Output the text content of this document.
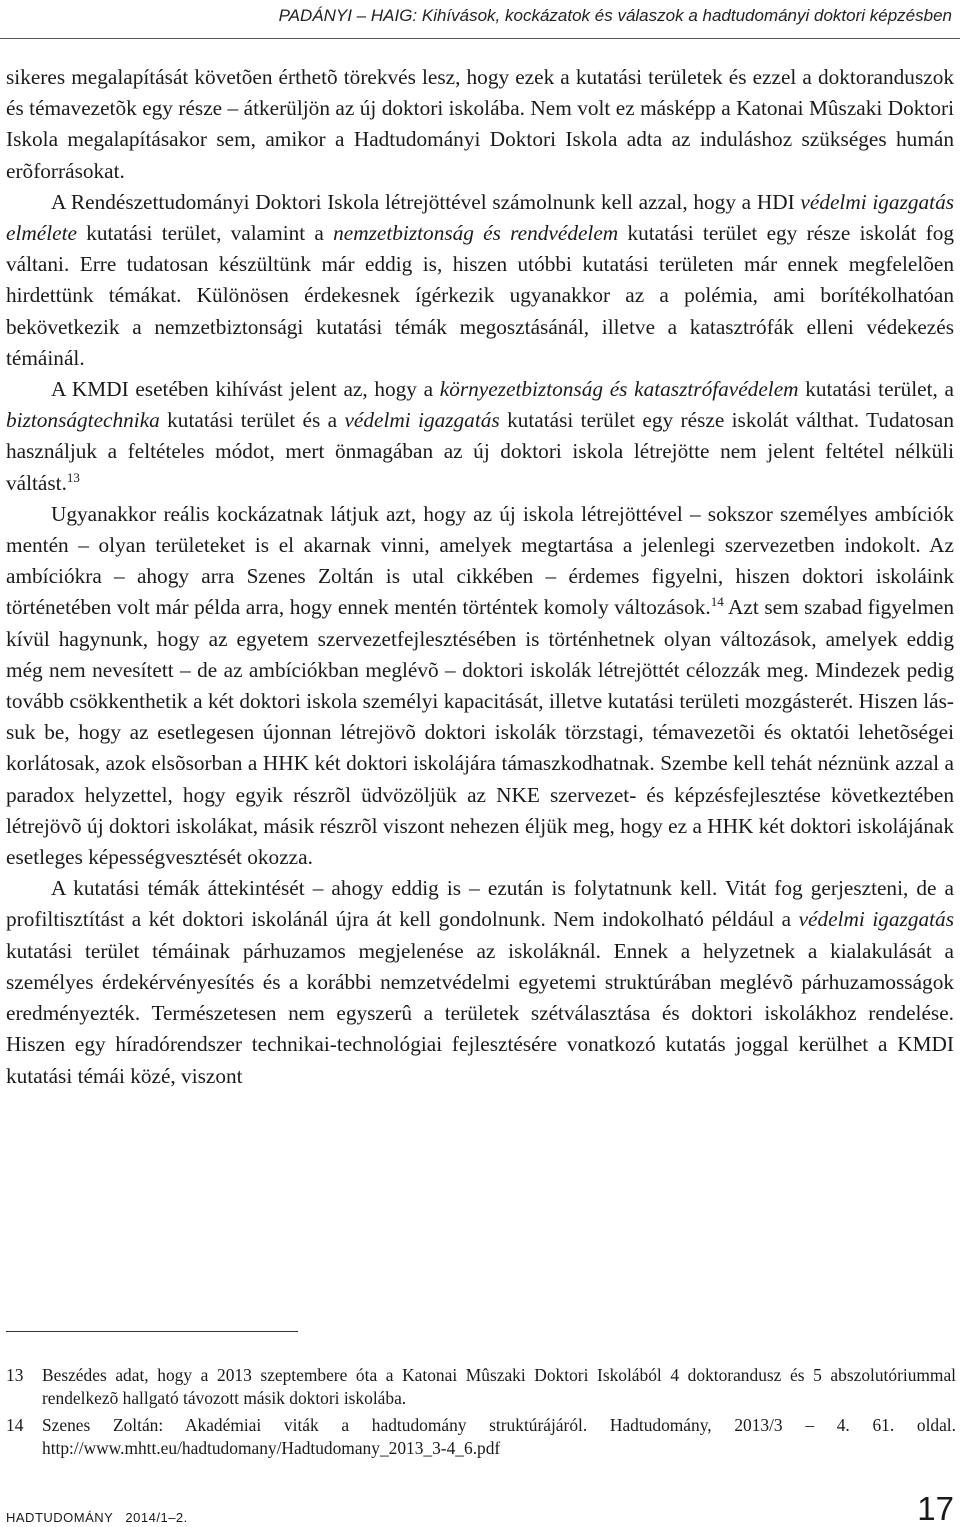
PADÁNYI – HAIG: Kihívások, kockázatok és válaszok a hadtudományi doktori képzésben

sikeres megalapítását követõen érthetõ törekvés lesz, hogy ezek a kutatási területek és ezzel a doktoranduszok és témavezetõk egy része – átkerüljön az új doktori iskolába. Nem volt ez másképp a Katonai Mûszaki Doktori Iskola megalapításakor sem, amikor a Hadtudományi Doktori Iskola adta az induláshoz szükséges humán erõforrásokat.

A Rendészettudományi Doktori Iskola létrejöttével számolnunk kell azzal, hogy a HDI védelmi igazgatás elmélete kutatási terület, valamint a nemzetbiztonság és rendvédelem kutatási terület egy része iskolát fog váltani. Erre tudatosan készültünk már eddig is, hiszen utóbbi kutatási területen már ennek megfelelõen hirdettünk témákat. Különösen érdekesnek ígérkezik ugyanakkor az a polémia, ami borítékolhatóan bekövetkezik a nemzetbiztonsági kutatási témák megosztásánál, illetve a katasztrófák elleni védekezés témáinál.

A KMDI esetében kihívást jelent az, hogy a környezetbiztonság és katasztrófavédelem kutatási terület, a biztonságtechnika kutatási terület és a védelmi igazgatás kutatási terület egy része iskolát válthat. Tudatosan használjuk a feltételes módot, mert önmagában az új doktori iskola létrejötte nem jelent feltétel nélküli váltást.$^{13}$

Ugyanakkor reális kockázatnak látjuk azt, hogy az új iskola létrejöttével – sokszor személyes ambíciók mentén – olyan területeket is el akarnak vinni, amelyek megtartása a jelenlegi szervezetben indokolt. Az ambíciókra – ahogy arra Szenes Zoltán is utal cikkében – érdemes figyelni, hiszen doktori iskoláink történetében volt már példa arra, hogy ennek mentén történtek komoly változások.$^{14}$ Azt sem szabad figyelmen kívül hagynunk, hogy az egyetem szervezetfejlesztésében is történhetnek olyan változások, amelyek eddig még nem nevesített – de az ambíciókban meglévõ – doktori iskolák létrejöttét célozzák meg. Mindezek pedig tovább csökkenthetik a két doktori iskola személyi kapacitását, illetve kutatási területi mozgásterét. Hiszen lássuk be, hogy az esetlegesen újonnan létrejövõ doktori iskolák törzstagi, témavezetõi és oktatói lehetõségei korlátosak, azok elsõsorban a HHK két doktori iskolájára támaszkodhatnak. Szembe kell tehát néznünk azzal a paradox helyzettel, hogy egyik részrõl üdvözöljük az NKE szervezet- és képzésfejlesztése következtében létrejövõ új doktori iskolákat, másik részrõl viszont nehezen éljük meg, hogy ez a HHK két doktori iskolájának esetleges képességvesztését okozza.

A kutatási témák áttekintését – ahogy eddig is – ezután is folytatnunk kell. Vitát fog gerjeszteni, de a profiltisztítást a két doktori iskolánál újra át kell gondolnunk. Nem indokolható például a védelmi igazgatás kutatási terület témáinak párhuzamos megjelenése az iskoláknál. Ennek a helyzetnek a kialakulását a személyes érdekérvényesítés és a korábbi nemzetvédelmi egyetemi struktúrában meglévõ párhuzamosságok eredményezték. Természetesen nem egyszerû a területek szétválasztása és doktori iskolákhoz rendelése. Hiszen egy híradórendszer technikai-technológiai fejlesztésére vonatkozó kutatás joggal kerülhet a KMDI kutatási témái közé, viszont

13	Beszédes adat, hogy a 2013 szeptembere óta a Katonai Mûszaki Doktori Iskolából 4 doktorandusz és 5 abszolutóriummal rendelkezõ hallgató távozott másik doktori iskolába.
14	Szenes Zoltán: Akadémiai viták a hadtudomány struktúrájáról. Hadtudomány, 2013/3 – 4. 61. oldal. http://www.mhtt.eu/hadtudomany/Hadtudomany_2013_3-4_6.pdf
HADTUDOMÁNY   2014/1–2.	17
